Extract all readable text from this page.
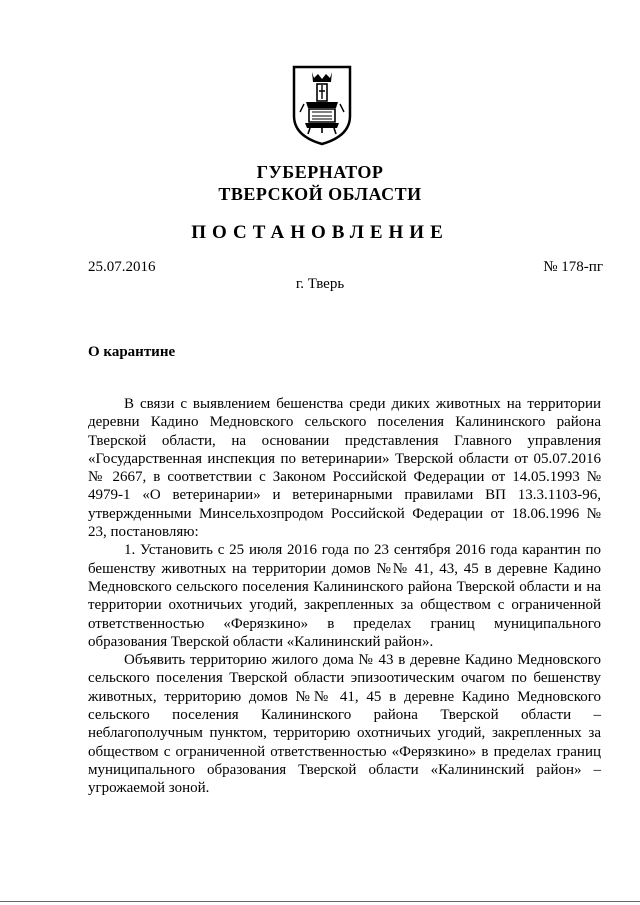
ГУБЕРНАТОР
ТВЕРСКОЙ ОБЛАСТИ
ПОСТАНОВЛЕНИЕ
25.07.2016	№ 178-пг
г. Тверь
О карантине

В связи с выявлением бешенства среди диких животных на территории деревни Кадино Медновского сельского поселения Калининского района Тверской области, на основании представления Главного управления «Государственная инспекция по ветеринарии» Тверской области от 05.07.2016 № 2667, в соответствии с Законом Российской Федерации от 14.05.1993 № 4979-1 «О ветеринарии» и ветеринарными правилами ВП 13.3.1103-96, утвержденными Минсельхозпродом Российской Федерации от 18.06.1996 № 23, постановляю:

1. Установить с 25 июля 2016 года по 23 сентября 2016 года карантин по бешенству животных на территории домов №№ 41, 43, 45 в деревне Кадино Медновского сельского поселения Калининского района Тверской области и на территории охотничьих угодий, закрепленных за обществом с ограниченной ответственностью «Ферязкино» в пределах границ муниципального образования Тверской области «Калининский район».

Объявить территорию жилого дома № 43 в деревне Кадино Медновского сельского поселения Тверской области эпизоотическим очагом по бешенству животных, территорию домов №№ 41, 45 в деревне Кадино Медновского сельского поселения Калининского района Тверской области – неблагополучным пунктом, территорию охотничьих угодий, закрепленных за обществом с ограниченной ответственностью «Ферязкино» в пределах границ муниципального образования Тверской области «Калининский район» – угрожаемой зоной.
